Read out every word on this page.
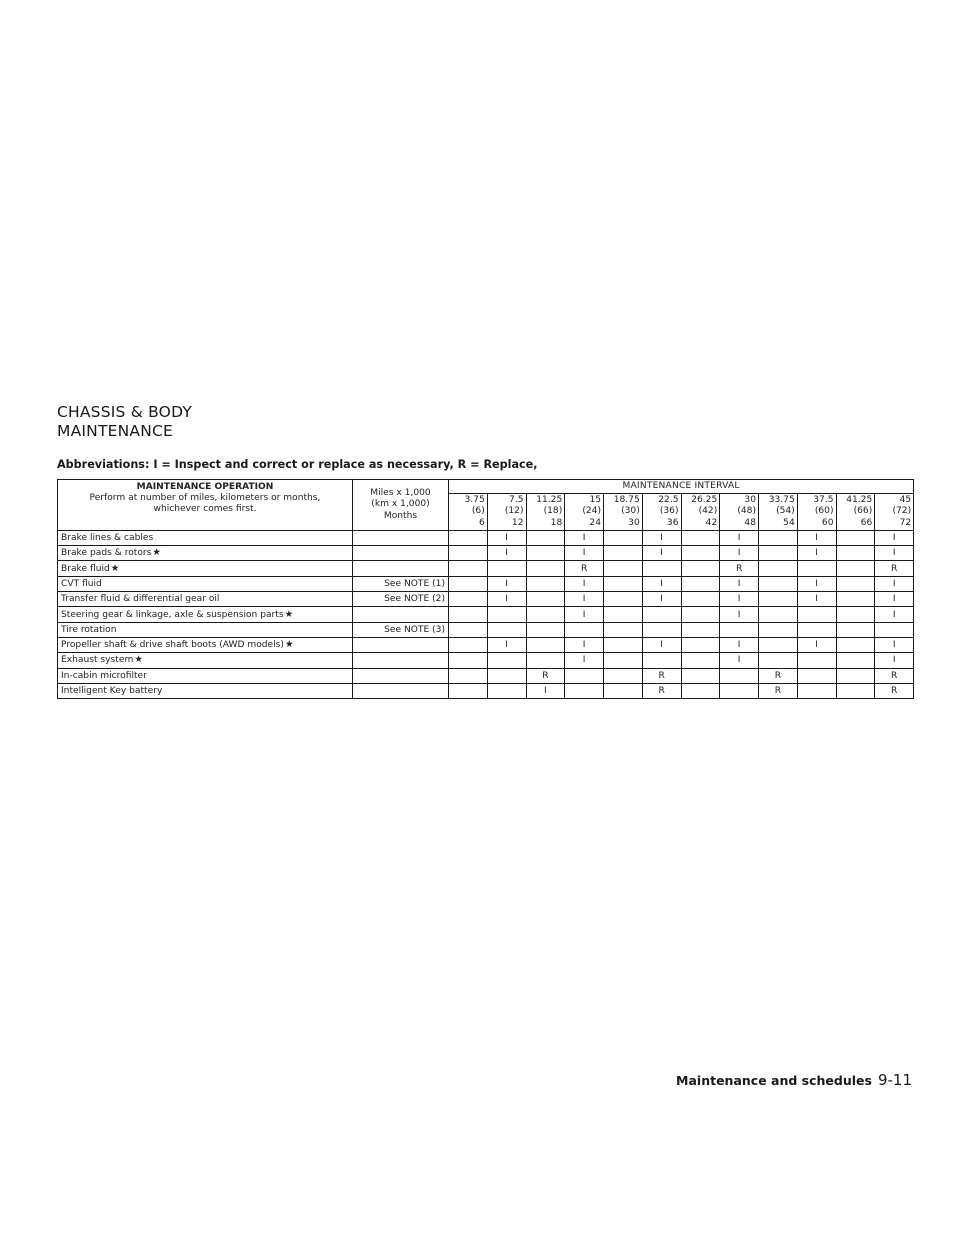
CHASSIS & BODY
MAINTENANCE

Abbreviations: I = Inspect and correct or replace as necessary, R = Replace,

MAINTENANCE OPERATION
Perform at number of miles, kilometers or months,
whichever comes first.	Miles x 1,000
(km x 1,000)
Months	MAINTENANCE INTERVAL											

		3.75
(6)
6	7.5
(12)
12	11.25
(18)
18	15
(24)
24	18.75
(30)
30	22.5
(36)
36	26.25
(42)
42	30
(48)
48	33.75
(54)
54	37.5
(60)
60	41.25
(66)
66	45
(72)
72

Brake lines & cables			I		I		I		I		I		I
Brake pads & rotors★			I		I		I		I		I		I
Brake fluid★					R				R				R
CVT fluid	See NOTE (1)		I		I		I		I		I		I
Transfer fluid & differential gear oil	See NOTE (2)		I		I		I		I		I		I
Steering gear & linkage, axle & suspension parts★					I				I				I
Tire rotation	See NOTE (3)												
Propeller shaft & drive shaft boots (AWD models)★			I		I		I		I		I		I
Exhaust system★					I				I				I
In-cabin microfilter				R			R			R			R
Intelligent Key battery				I			R			R			R
Maintenance and schedules 9-11
